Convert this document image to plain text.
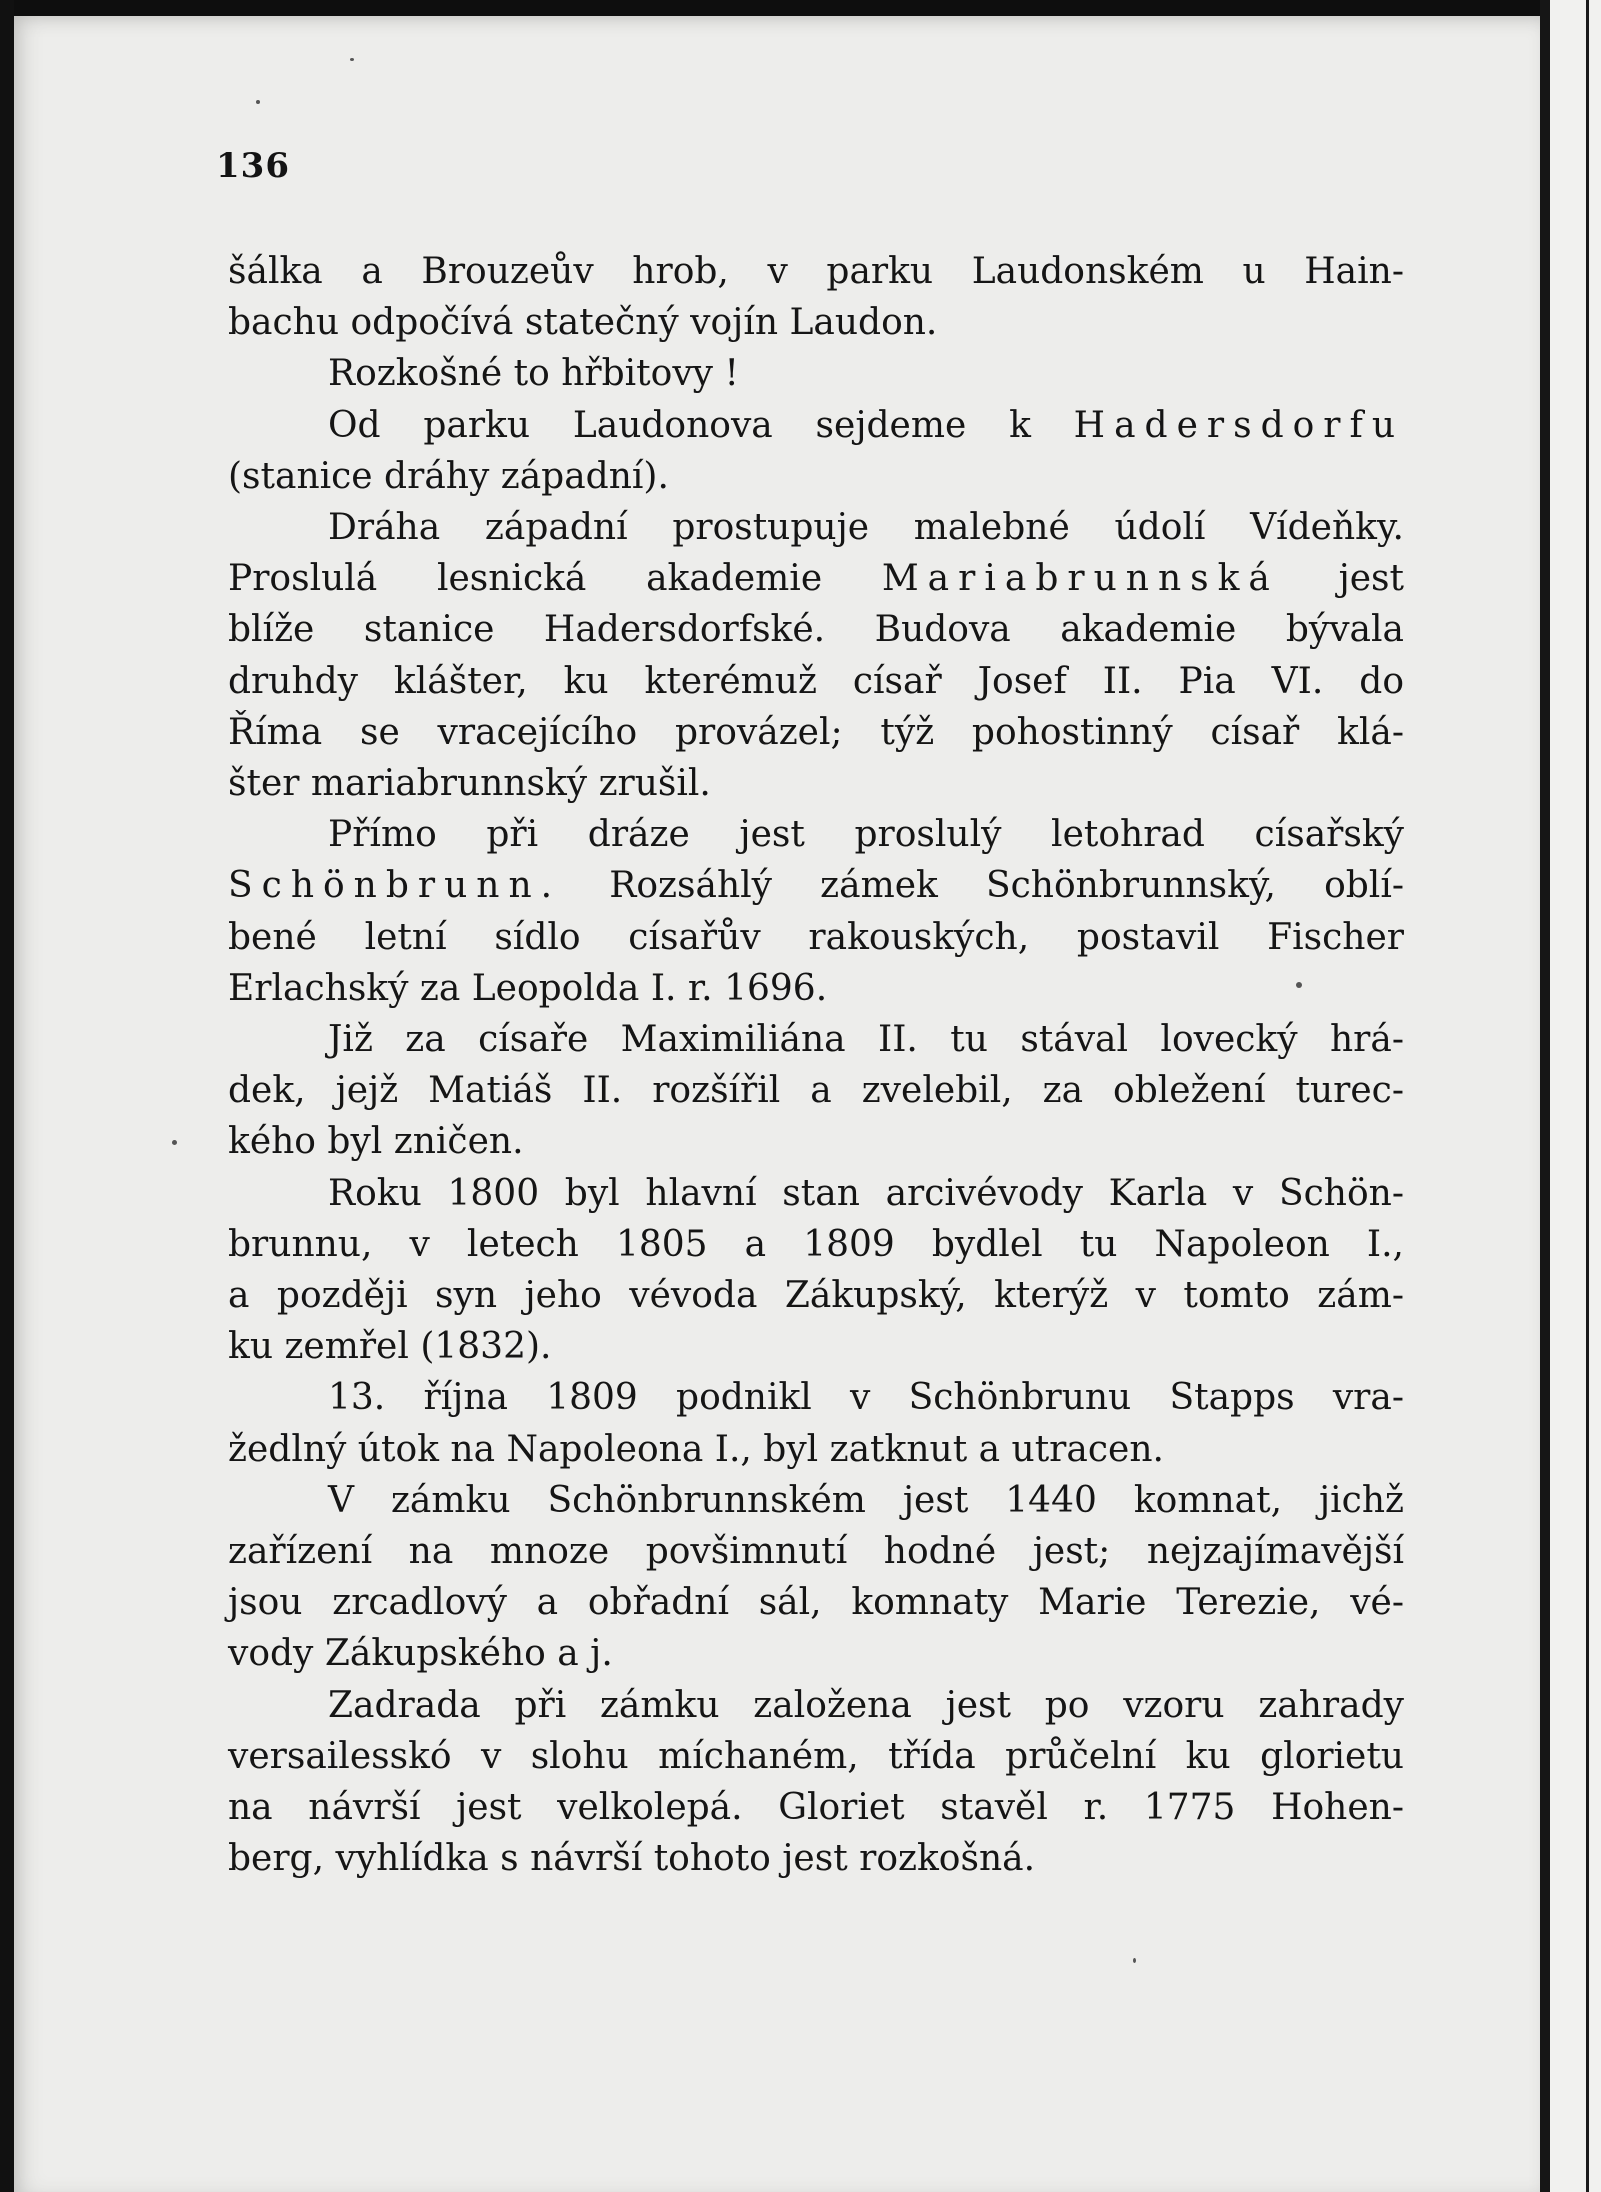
136

šálka a Brouzeův hrob, v parku Laudonském u Hain-
bachu odpočívá statečný vojín Laudon.
Rozkošné to hřbitovy !
Od parku Laudonova sejdeme k Hadersdorfu
(stanice dráhy západní).
Dráha západní prostupuje malebné údolí Vídeňky.
Proslulá lesnická akademie Mariabrunnská jest
blíže stanice Hadersdorfské. Budova akademie bývala
druhdy klášter, ku kterémuž císař Josef II. Pia VI. do
Říma se vracejícího provázel; týž pohostinný císař klá-
šter mariabrunnský zrušil.
Přímo při dráze jest proslulý letohrad císařský
Schönbrunn. Rozsáhlý zámek Schönbrunnský, oblí-
bené letní sídlo císařův rakouských, postavil Fischer
Erlachský za Leopolda I. r. 1696.
Již za císaře Maximiliána II. tu stával lovecký hrá-
dek, jejž Matiáš II. rozšířil a zvelebil, za obležení turec-
kého byl zničen.
Roku 1800 byl hlavní stan arcivévody Karla v Schön-
brunnu, v letech 1805 a 1809 bydlel tu Napoleon I.,
a později syn jeho vévoda Zákupský, kterýž v tomto zám-
ku zemřel (1832).
13. října 1809 podnikl v Schönbrunu Stapps vra-
žedlný útok na Napoleona I., byl zatknut a utracen.
V zámku Schönbrunnském jest 1440 komnat, jichž
zařízení na mnoze povšimnutí hodné jest; nejzajímavější
jsou zrcadlový a obřadní sál, komnaty Marie Terezie, vé-
vody Zákupského a j.
Zadrada při zámku založena jest po vzoru zahrady
versailesskó v slohu míchaném, třída průčelní ku glorietu
na návrší jest velkolepá. Gloriet stavěl r. 1775 Hohen-
berg, vyhlídka s návrší tohoto jest rozkošná.
